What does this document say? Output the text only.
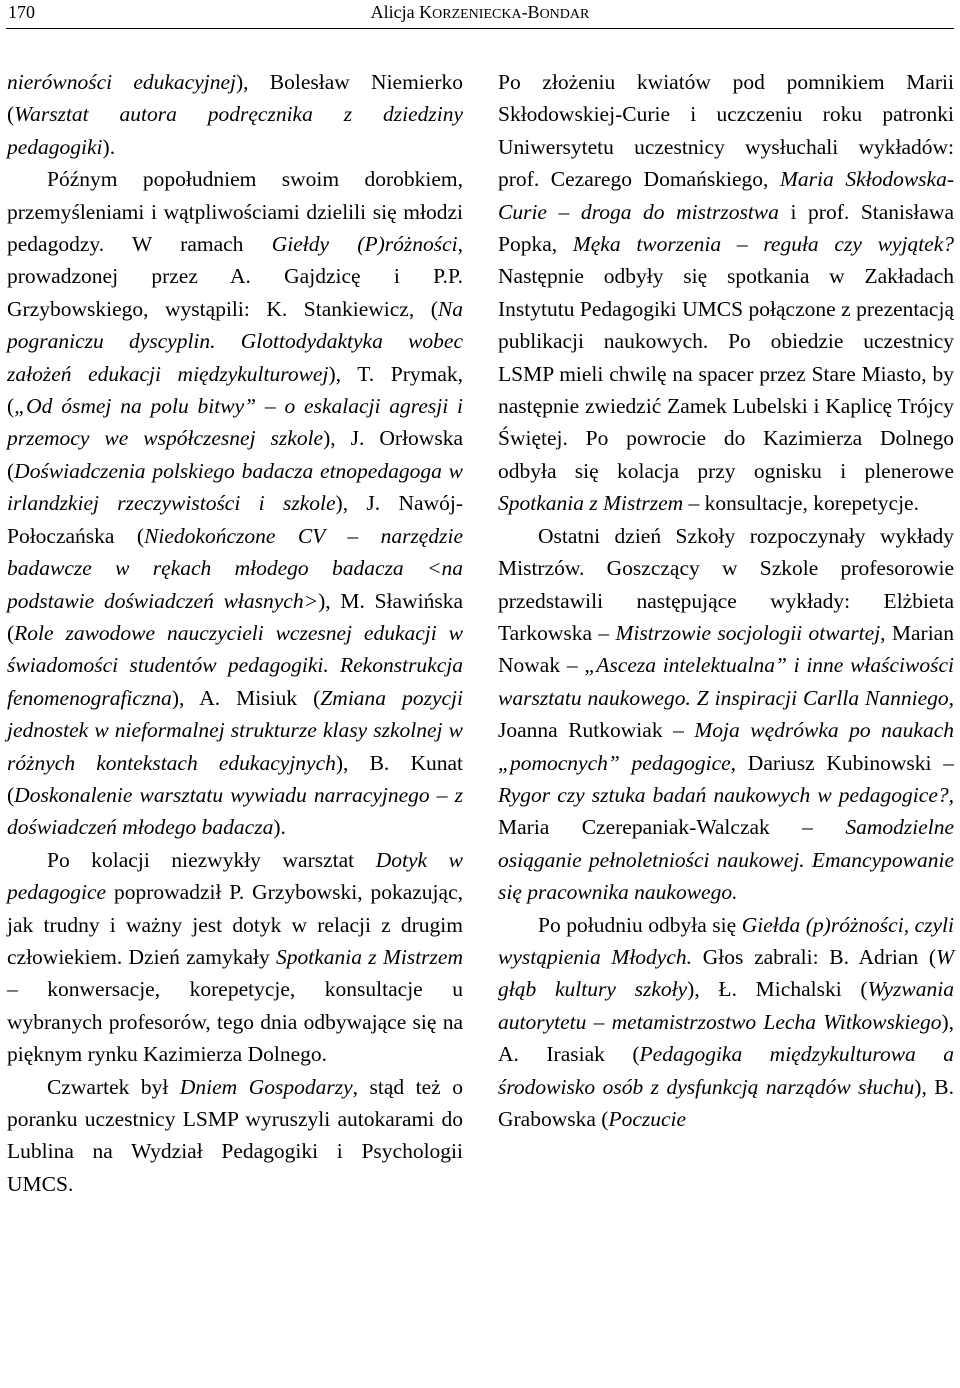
170	Alicja KORZENIECKA-BONDAR

nierówności edukacyjnej), Bolesław Niemierko (Warsztat autora podręcznika z dziedziny pedagogiki).

Późnym popołudniem swoim dorobkiem, przemyśleniami i wątpliwościami dzielili się młodzi pedagodzy. W ramach Giełdy (P)różności, prowadzonej przez A. Gajdzicę i P.P. Grzybowskiego, wystąpili: K. Stankiewicz, (Na pograniczu dyscyplin. Glottodydaktyka wobec założeń edukacji międzykulturowej), T. Prymak, („Od ósmej na polu bitwy” – o eskalacji agresji i przemocy we współczesnej szkole), J. Orłowska (Doświadczenia polskiego badacza etnopedagoga w irlandzkiej rzeczywistości i szkole), J. Nawój-Połoczańska (Niedokończone CV – narzędzie badawcze w rękach młodego badacza <na podstawie doświadczeń własnych>), M. Sławińska (Role zawodowe nauczycieli wczesnej edukacji w świadomości studentów pedagogiki. Rekonstrukcja fenomenograficzna), A. Misiuk (Zmiana pozycji jednostek w nieformalnej strukturze klasy szkolnej w różnych kontekstach edukacyjnych), B. Kunat (Doskonalenie warsztatu wywiadu narracyjnego – z doświadczeń młodego badacza).

Po kolacji niezwykły warsztat Dotyk w pedagogice poprowadził P. Grzybowski, pokazując, jak trudny i ważny jest dotyk w relacji z drugim człowiekiem. Dzień zamykały Spotkania z Mistrzem – konwersacje, korepetycje, konsultacje u wybranych profesorów, tego dnia odbywające się na pięknym rynku Kazimierza Dolnego.

Czwartek był Dniem Gospodarzy, stąd też o poranku uczestnicy LSMP wyruszyli autokarami do Lublina na Wydział Pedagogiki i Psychologii UMCS.

Po złożeniu kwiatów pod pomnikiem Marii Skłodowskiej-Curie i uczczeniu roku patronki Uniwersytetu uczestnicy wysłuchali wykładów: prof. Cezarego Domańskiego, Maria Skłodowska-Curie – droga do mistrzostwa i prof. Stanisława Popka, Męka tworzenia – reguła czy wyjątek? Następnie odbyły się spotkania w Zakładach Instytutu Pedagogiki UMCS połączone z prezentacją publikacji naukowych. Po obiedzie uczestnicy LSMP mieli chwilę na spacer przez Stare Miasto, by następnie zwiedzić Zamek Lubelski i Kaplicę Trójcy Świętej. Po powrocie do Kazimierza Dolnego odbyła się kolacja przy ognisku i plenerowe Spotkania z Mistrzem – konsultacje, korepetycje.

Ostatni dzień Szkoły rozpoczynały wykłady Mistrzów. Goszczący w Szkole profesorowie przedstawili następujące wykłady: Elżbieta Tarkowska – Mistrzowie socjologii otwartej, Marian Nowak – „Asceza intelektualna” i inne właściwości warsztatu naukowego. Z inspiracji Carlla Nanniego, Joanna Rutkowiak – Moja wędrówka po naukach „pomocnych” pedagogice, Dariusz Kubinowski – Rygor czy sztuka badań naukowych w pedagogice?, Maria Czerepaniak-Walczak – Samodzielne osiąganie pełnoletniości naukowej. Emancypowanie się pracownika naukowego.

Po południu odbyła się Giełda (p)różności, czyli wystąpienia Młodych. Głos zabrali: B. Adrian (W głąb kultury szkoły), Ł. Michalski (Wyzwania autorytetu – metamistrzostwo Lecha Witkowskiego), A. Irasiak (Pedagogika międzykulturowa a środowisko osób z dysfunkcją narządów słuchu), B. Grabowska (Poczucie
